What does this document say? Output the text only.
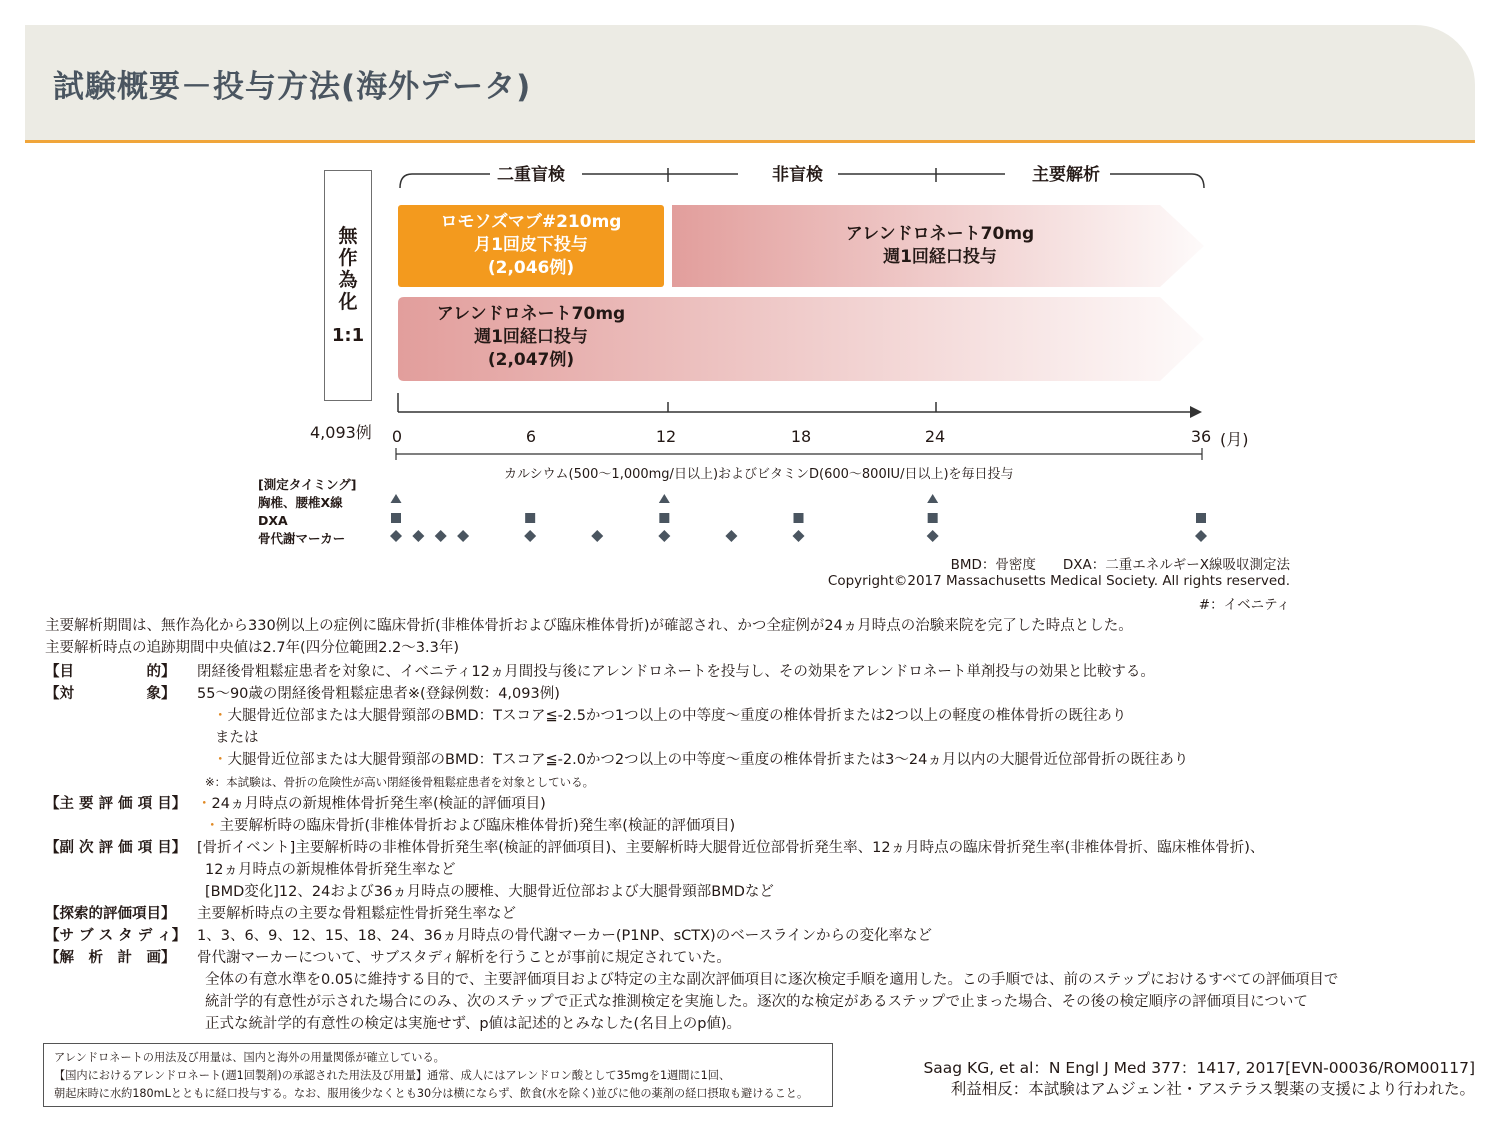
試験概要－投与方法(海外データ)
無作為化
1:1
4,093例
二重盲検	非盲検	主要解析
ロモソズマブ#210mg
月1回皮下投与
(2,046例)
アレンドロネート70mg
週1回経口投与
アレンドロネート70mg
週1回経口投与
(2,047例)
0	6	12	18	24	36 (月)
カルシウム(500～1,000mg/日以上)およびビタミンD(600～800IU/日以上)を毎日投与
[測定タイミング]
胸椎、腰椎X線
DXA
骨代謝マーカー
BMD：骨密度　　DXA：二重エネルギーX線吸収測定法
Copyright©2017 Massachusetts Medical Society. All rights reserved.
#：イベニティ
主要解析期間は、無作為化から330例以上の症例に臨床骨折(非椎体骨折および臨床椎体骨折)が確認され、かつ全症例が24ヵ月時点の治験来院を完了した時点とした。
主要解析時点の追跡期間中央値は2.7年(四分位範囲2.2～3.3年)
【目　　　　　的】	閉経後骨粗鬆症患者を対象に、イベニティ12ヵ月間投与後にアレンドロネートを投与し、その効果をアレンドロネート単剤投与の効果と比較する。
【対　　　　　象】	55～90歳の閉経後骨粗鬆症患者※(登録例数：4,093例)
・大腿骨近位部または大腿骨頸部のBMD：Tスコア≦-2.5かつ1つ以上の中等度～重度の椎体骨折または2つ以上の軽度の椎体骨折の既往あり
または
・大腿骨近位部または大腿骨頸部のBMD：Tスコア≦-2.0かつ2つ以上の中等度～重度の椎体骨折または3～24ヵ月以内の大腿骨近位部骨折の既往あり
※：本試験は、骨折の危険性が高い閉経後骨粗鬆症患者を対象としている。
【主 要 評 価 項 目】 ・24ヵ月時点の新規椎体骨折発生率(検証的評価項目)
・主要解析時の臨床骨折(非椎体骨折および臨床椎体骨折)発生率(検証的評価項目)
【副 次 評 価 項 目】 [骨折イベント]主要解析時の非椎体骨折発生率(検証的評価項目)、主要解析時大腿骨近位部骨折発生率、12ヵ月時点の臨床骨折発生率(非椎体骨折、臨床椎体骨折)、
12ヵ月時点の新規椎体骨折発生率など
[BMD変化]12、24および36ヵ月時点の腰椎、大腿骨近位部および大腿骨頸部BMDなど
【探索的評価項目】	主要解析時点の主要な骨粗鬆症性骨折発生率など
【サ ブ ス タ デ ィ】 1、3、6、9、12、15、18、24、36ヵ月時点の骨代謝マーカー(P1NP、sCTX)のベースラインからの変化率など
【解　析　計　画】	骨代謝マーカーについて、サブスタディ解析を行うことが事前に規定されていた。
全体の有意水準を0.05に維持する目的で、主要評価項目および特定の主な副次評価項目に逐次検定手順を適用した。この手順では、前のステップにおけるすべての評価項目で
統計学的有意性が示された場合にのみ、次のステップで正式な推測検定を実施した。逐次的な検定があるステップで止まった場合、その後の検定順序の評価項目について
正式な統計学的有意性の検定は実施せず、p値は記述的とみなした(名目上のp値)。
アレンドロネートの用法及び用量は、国内と海外の用量関係が確立している。
【国内におけるアレンドロネート(週1回製剤)の承認された用法及び用量】通常、成人にはアレンドロン酸として35mgを1週間に1回、
朝起床時に水約180mLとともに経口投与する。なお、服用後少なくとも30分は横にならず、飲食(水を除く)並びに他の薬剤の経口摂取も避けること。
Saag KG, et al：N Engl J Med 377：1417, 2017[EVN-00036/ROM00117]
利益相反：本試験はアムジェン社・アステラス製薬の支援により行われた。
